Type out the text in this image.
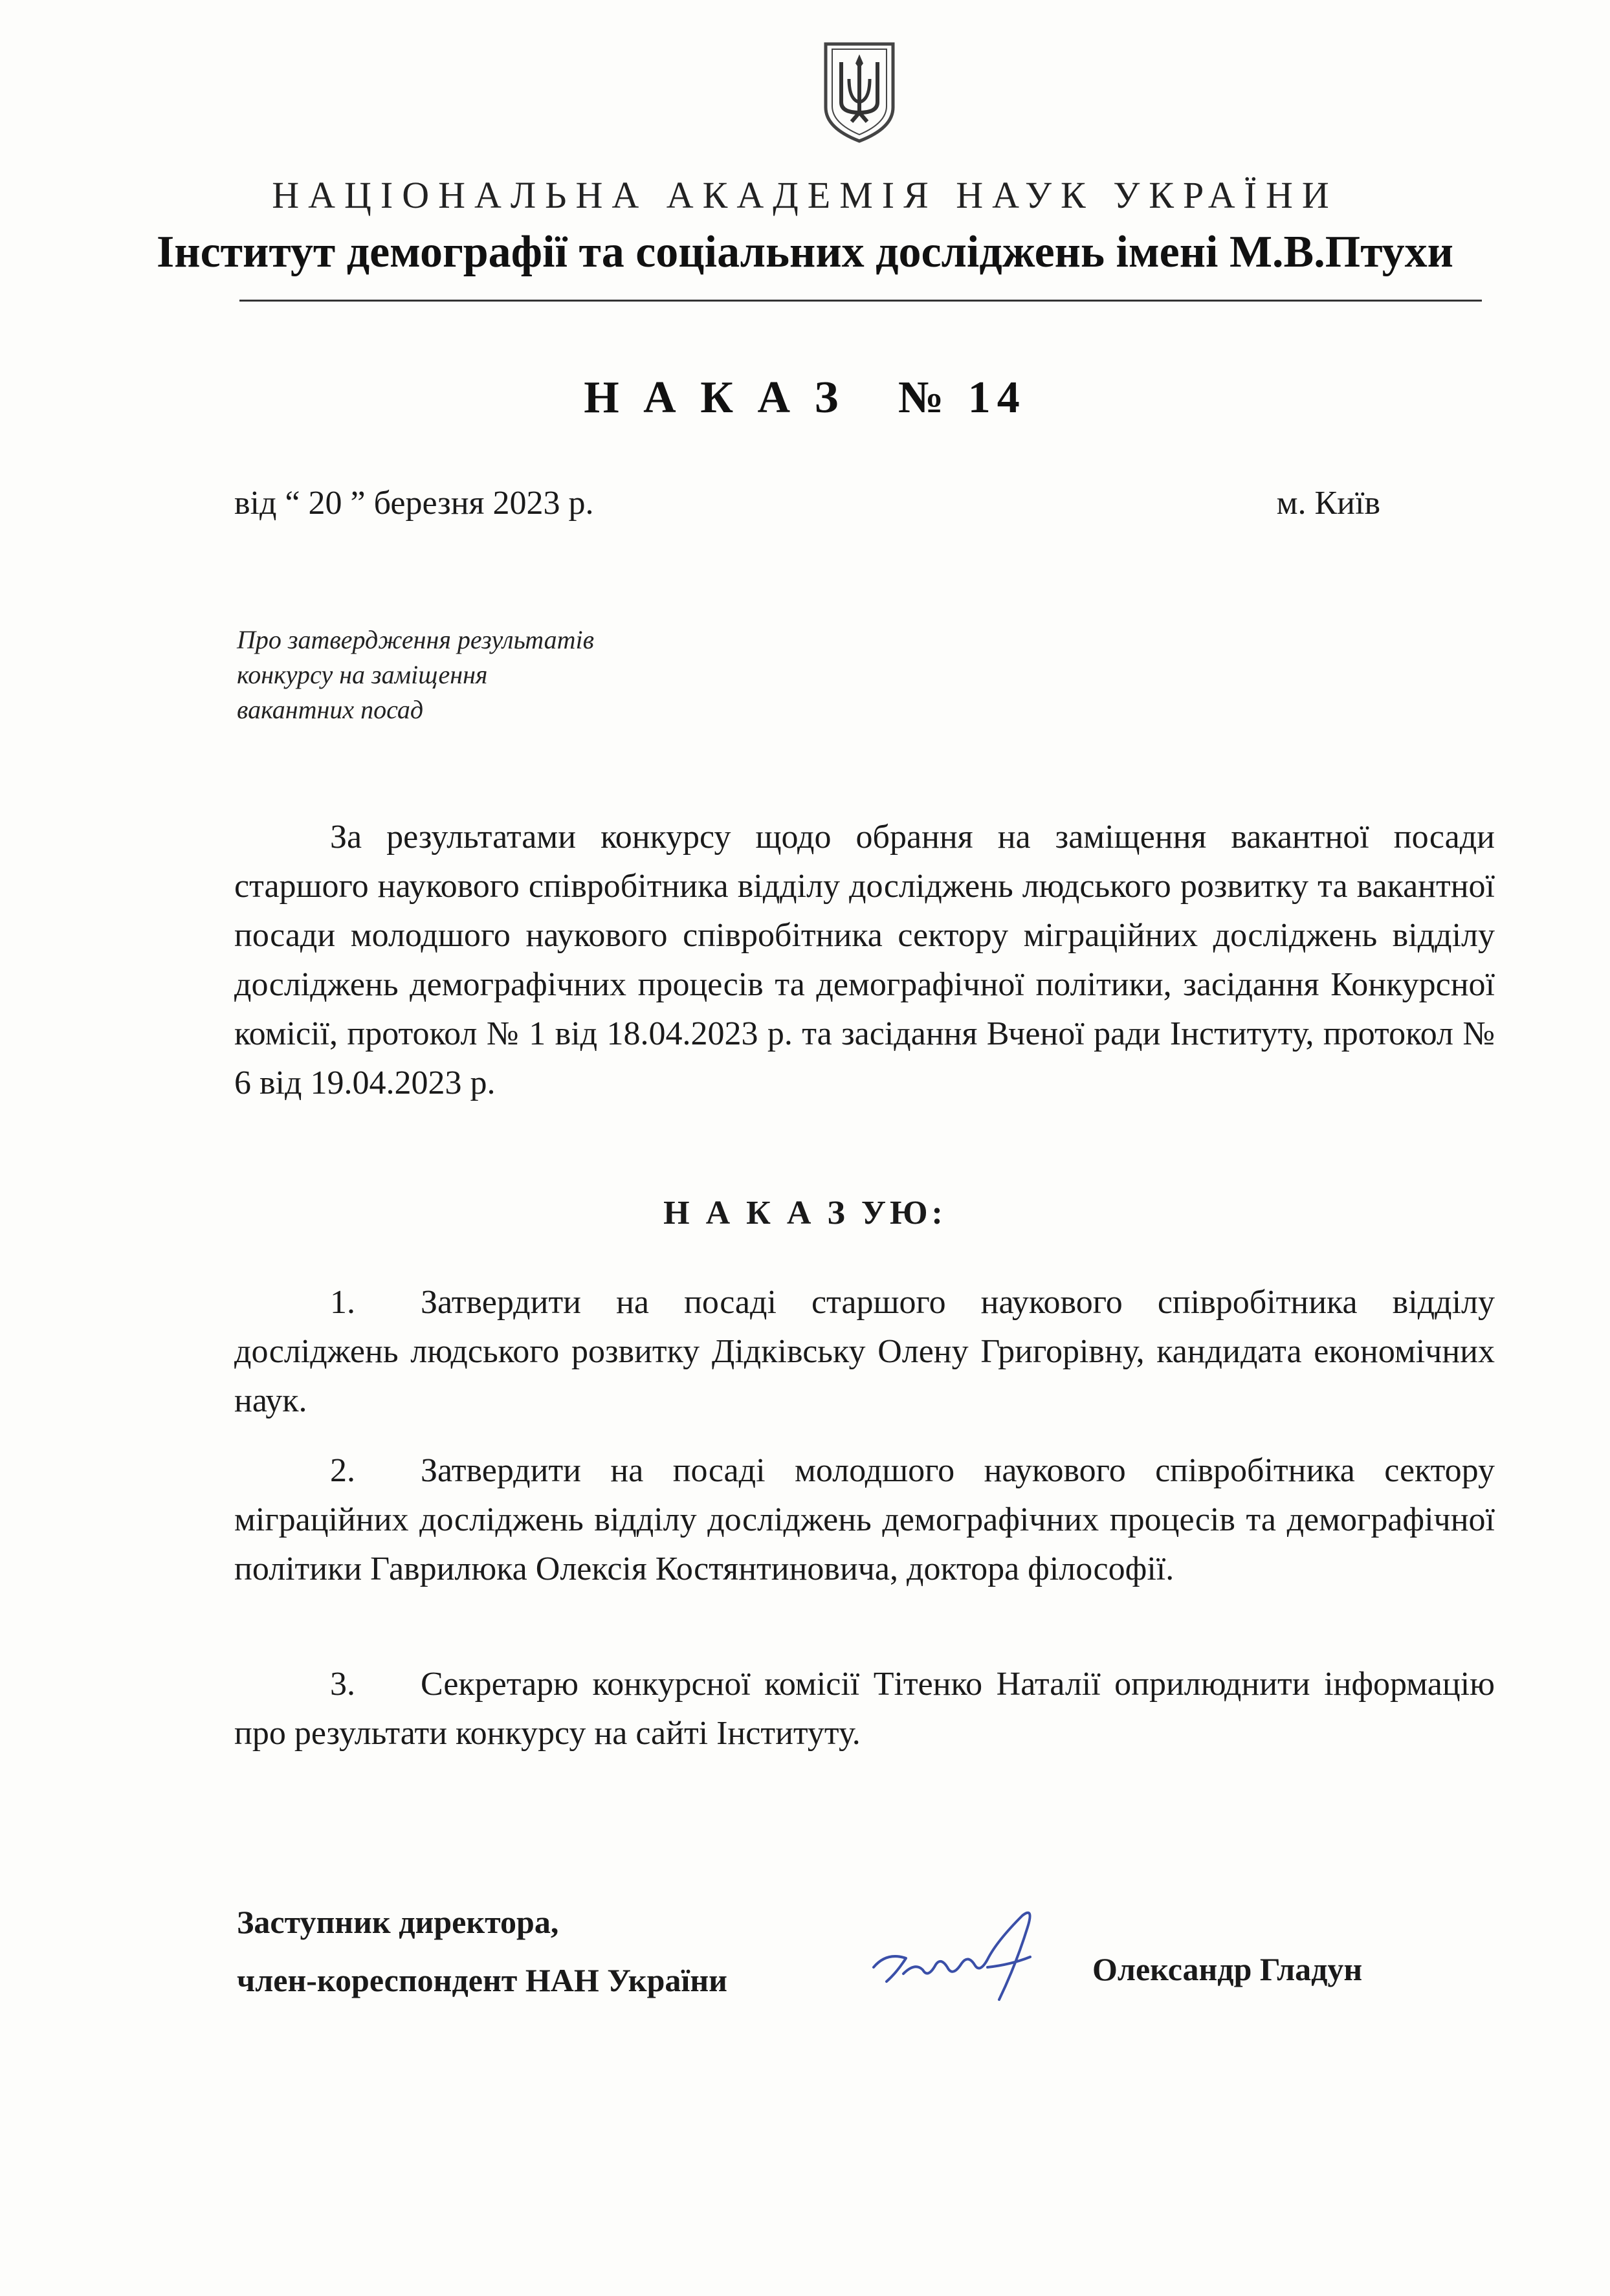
НАЦІОНАЛЬНА АКАДЕМІЯ НАУК УКРАЇНИ
Інститут демографії та соціальних досліджень імені М.В.Птухи
Н А К А З   № 14
від “ 20 ” березня 2023 р.	м. Київ
Про затвердження результатів
конкурсу на заміщення
вакантних посад
За результатами конкурсу щодо обрання на заміщення вакантної посади старшого наукового співробітника відділу досліджень людського розвитку та вакантної посади молодшого наукового співробітника сектору міграційних досліджень відділу досліджень демографічних процесів та демографічної політики, засідання Конкурсної комісії, протокол № 1 від 18.04.2023 р. та засідання Вченої ради Інституту, протокол № 6 від 19.04.2023 р.
Н А К А З УЮ:
1. Затвердити на посаді старшого наукового співробітника відділу досліджень людського розвитку Дідківську Олену Григорівну, кандидата економічних наук.
2. Затвердити на посаді молодшого наукового співробітника сектору міграційних досліджень відділу досліджень демографічних процесів та демографічної політики Гаврилюка Олексія Костянтиновича, доктора філософії.
3. Секретарю конкурсної комісії Тітенко Наталії оприлюднити інформацію про результати конкурсу на сайті Інституту.
Заступник директора,
член-кореспондент НАН України	Олександр Гладун
